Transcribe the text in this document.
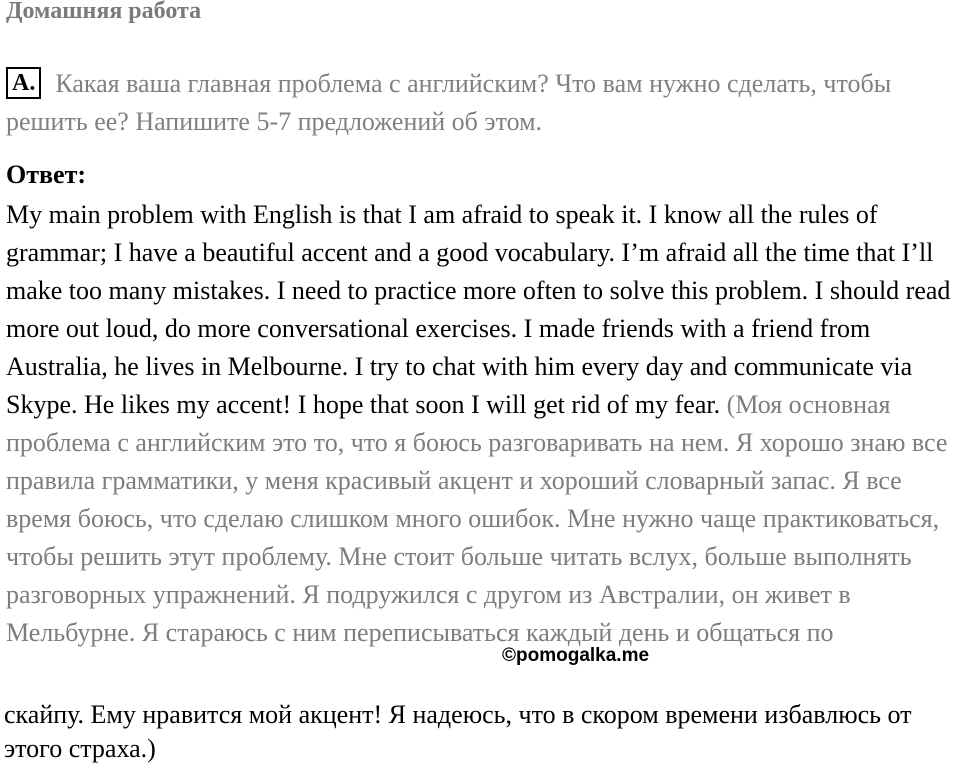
Домашняя работа
А. Какая ваша главная проблема с английским? Что вам нужно сделать, чтобы решить ее? Напишите 5-7 предложений об этом.
Ответ:
My main problem with English is that I am afraid to speak it. I know all the rules of grammar; I have a beautiful accent and a good vocabulary. I’m afraid all the time that I’ll make too many mistakes. I need to practice more often to solve this problem. I should read more out loud, do more conversational exercises. I made friends with a friend from Australia, he lives in Melbourne. I try to chat with him every day and communicate via Skype. He likes my accent! I hope that soon I will get rid of my fear. (Моя основная проблема с английским это то, что я боюсь разговаривать на нем. Я хорошо знаю все правила грамматики, у меня красивый акцент и хороший словарный запас. Я все время боюсь, что сделаю слишком много ошибок. Мне нужно чаще практиковаться, чтобы решить этут проблему. Мне стоит больше читать вслух, больше выполнять разговорных упражнений. Я подружился с другом из Австралии, он живет в Мельбурне. Я стараюсь с ним переписываться каждый день и общаться по
скайпу. Ему нравится мой акцент! Я надеюсь, что в скором времени избавлюсь от этого страха.)
©pomogalka.me
